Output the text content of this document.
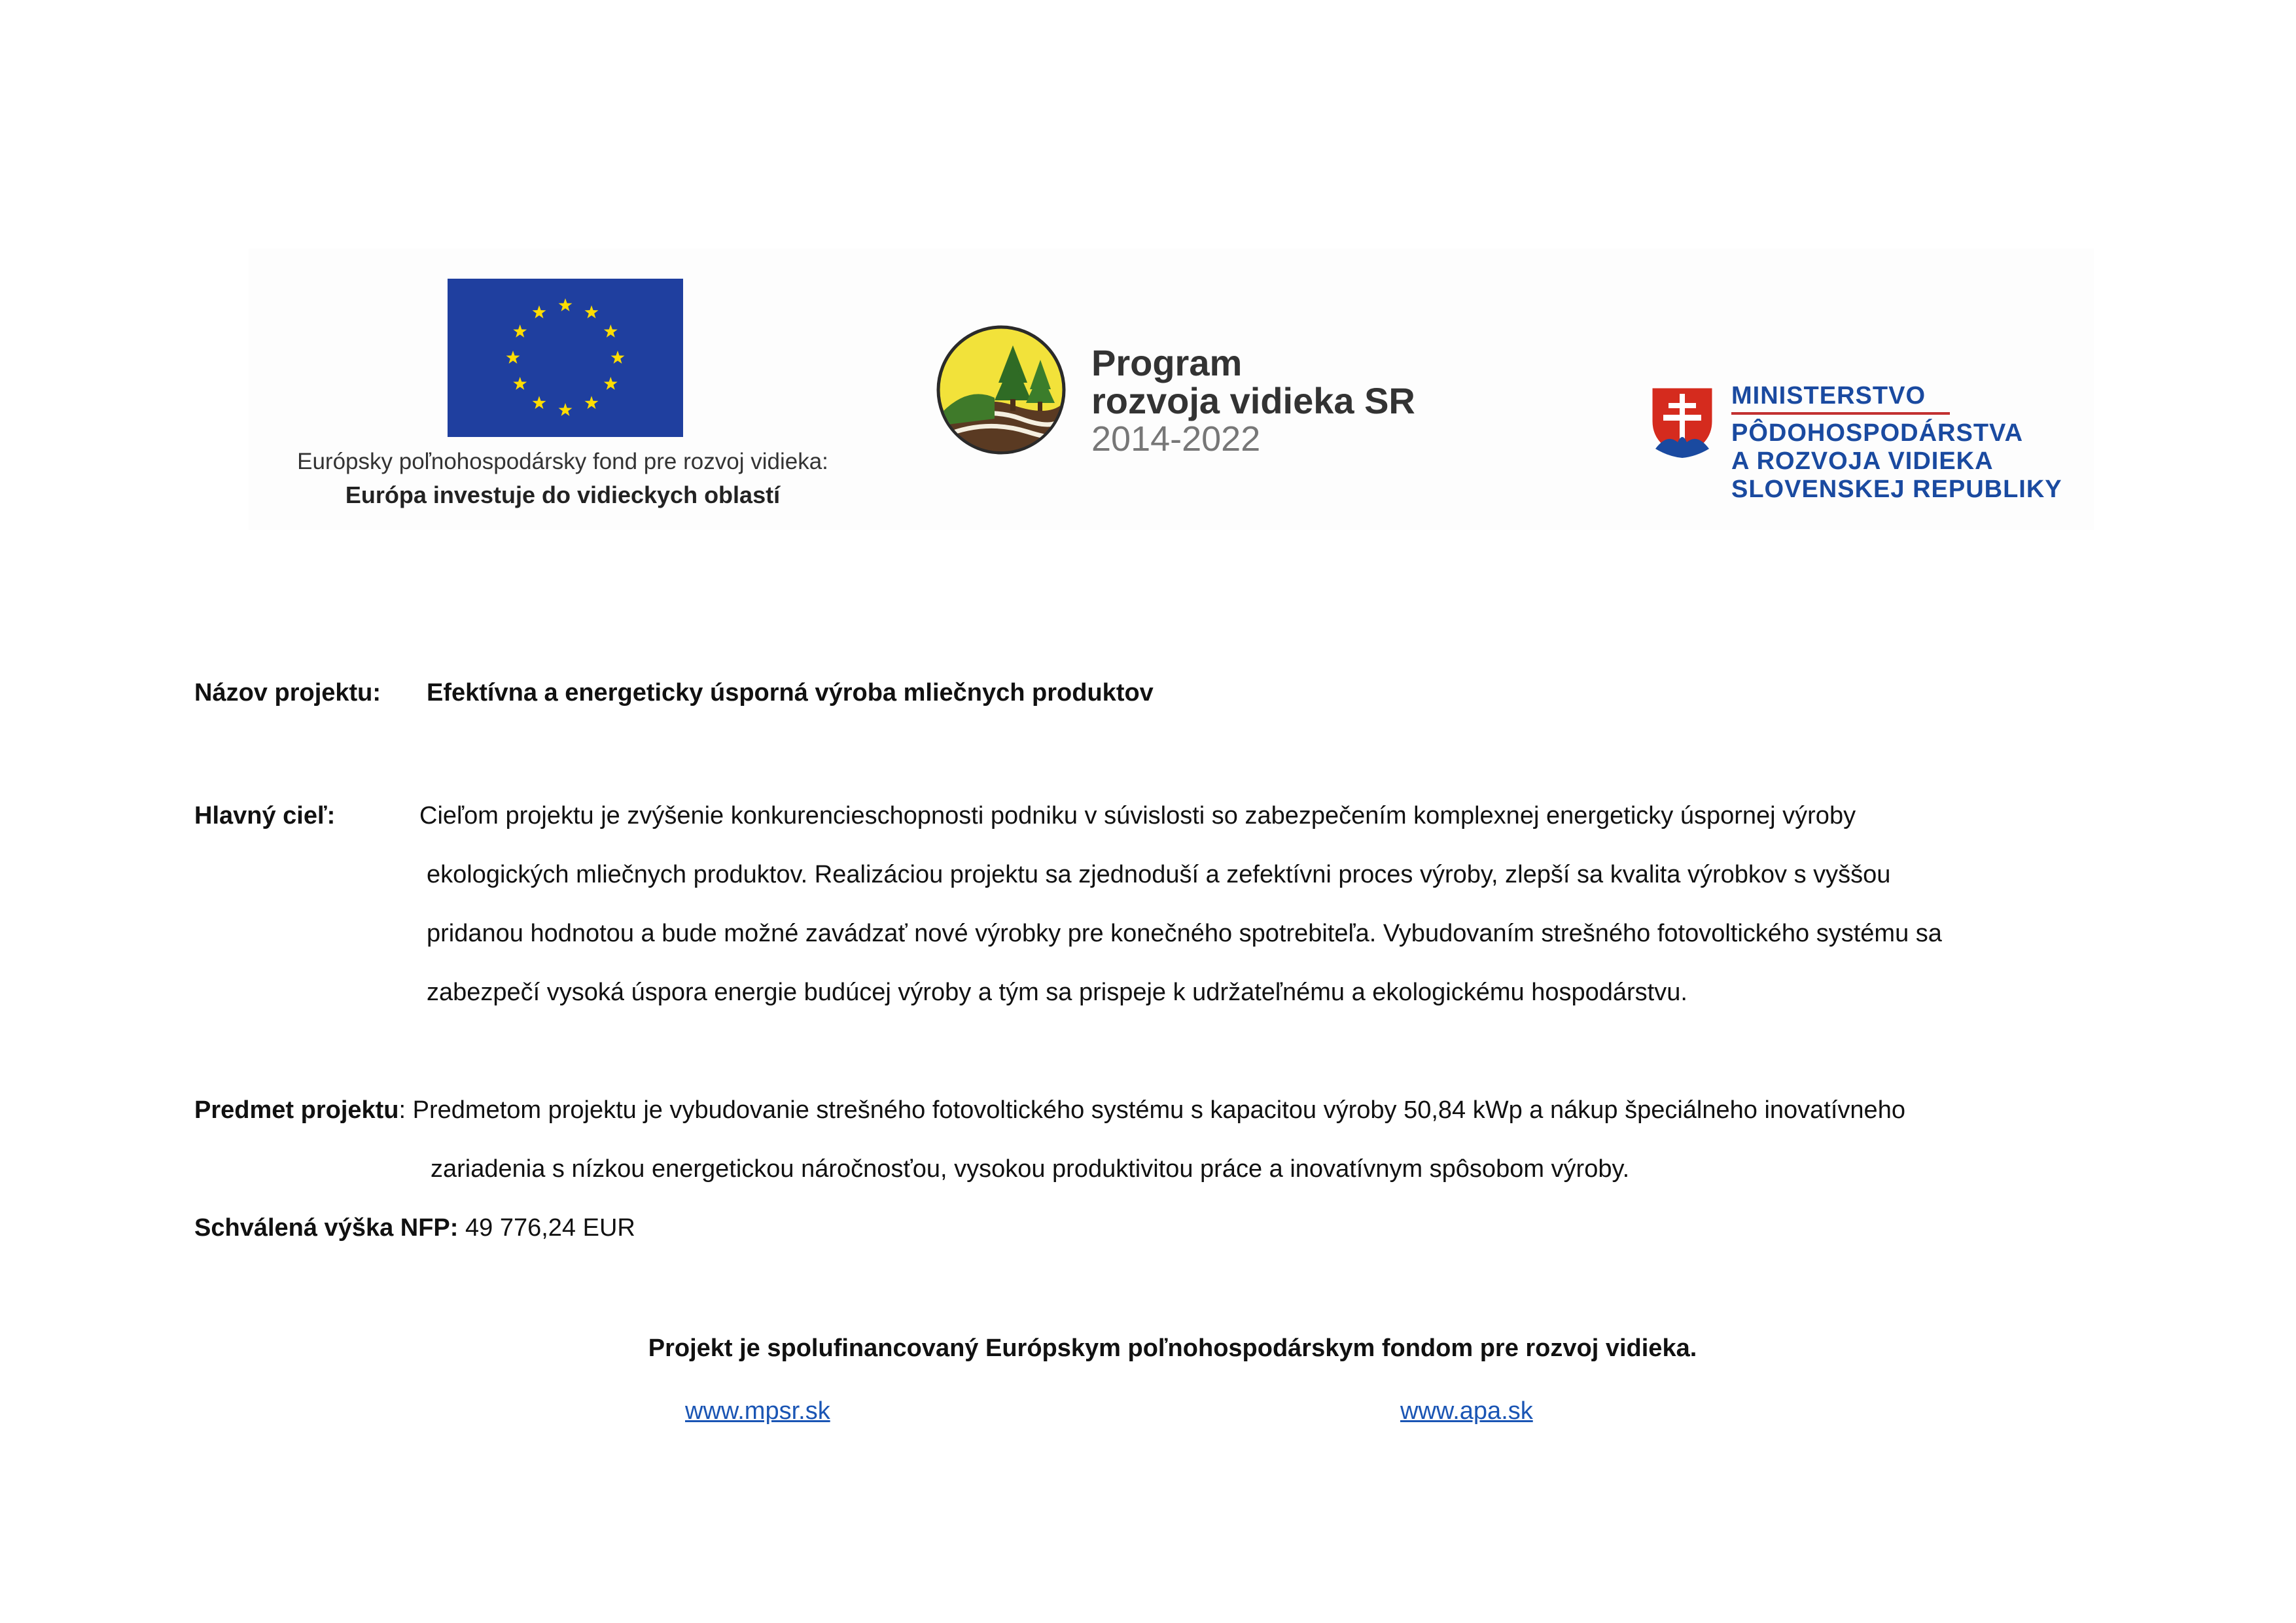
Európsky poľnohospodársky fond pre rozvoj vidieka:
Európa investuje do vidieckych oblastí
Program
rozvoja vidieka SR
2014-2022
MINISTERSTVO
PÔDOHOSPODÁRSTVA
A ROZVOJA VIDIEKA
SLOVENSKEJ REPUBLIKY
Názov projektu: Efektívna a energeticky úsporná výroba mliečnych produktov
Hlavný cieľ:	Cieľom projektu je zvýšenie konkurencieschopnosti podniku v súvislosti so zabezpečením komplexnej energeticky úspornej výroby
ekologických mliečnych produktov. Realizáciou projektu sa zjednoduší a zefektívni proces výroby, zlepší sa kvalita výrobkov s vyššou
pridanou hodnotou a bude možné zavádzať nové výrobky pre konečného spotrebiteľa. Vybudovaním strešného fotovoltického systému sa
zabezpečí vysoká úspora energie budúcej výroby a tým sa prispeje k udržateľnému a ekologickému hospodárstvu.
Predmet projektu: Predmetom projektu je vybudovanie strešného fotovoltického systému s kapacitou výroby 50,84 kWp a nákup špeciálneho inovatívneho
zariadenia s nízkou energetickou náročnosťou, vysokou produktivitou práce a inovatívnym spôsobom výroby.
Schválená výška NFP: 49 776,24 EUR
Projekt je spolufinancovaný Európskym poľnohospodárskym fondom pre rozvoj vidieka.
www.mpsr.sk	www.apa.sk
